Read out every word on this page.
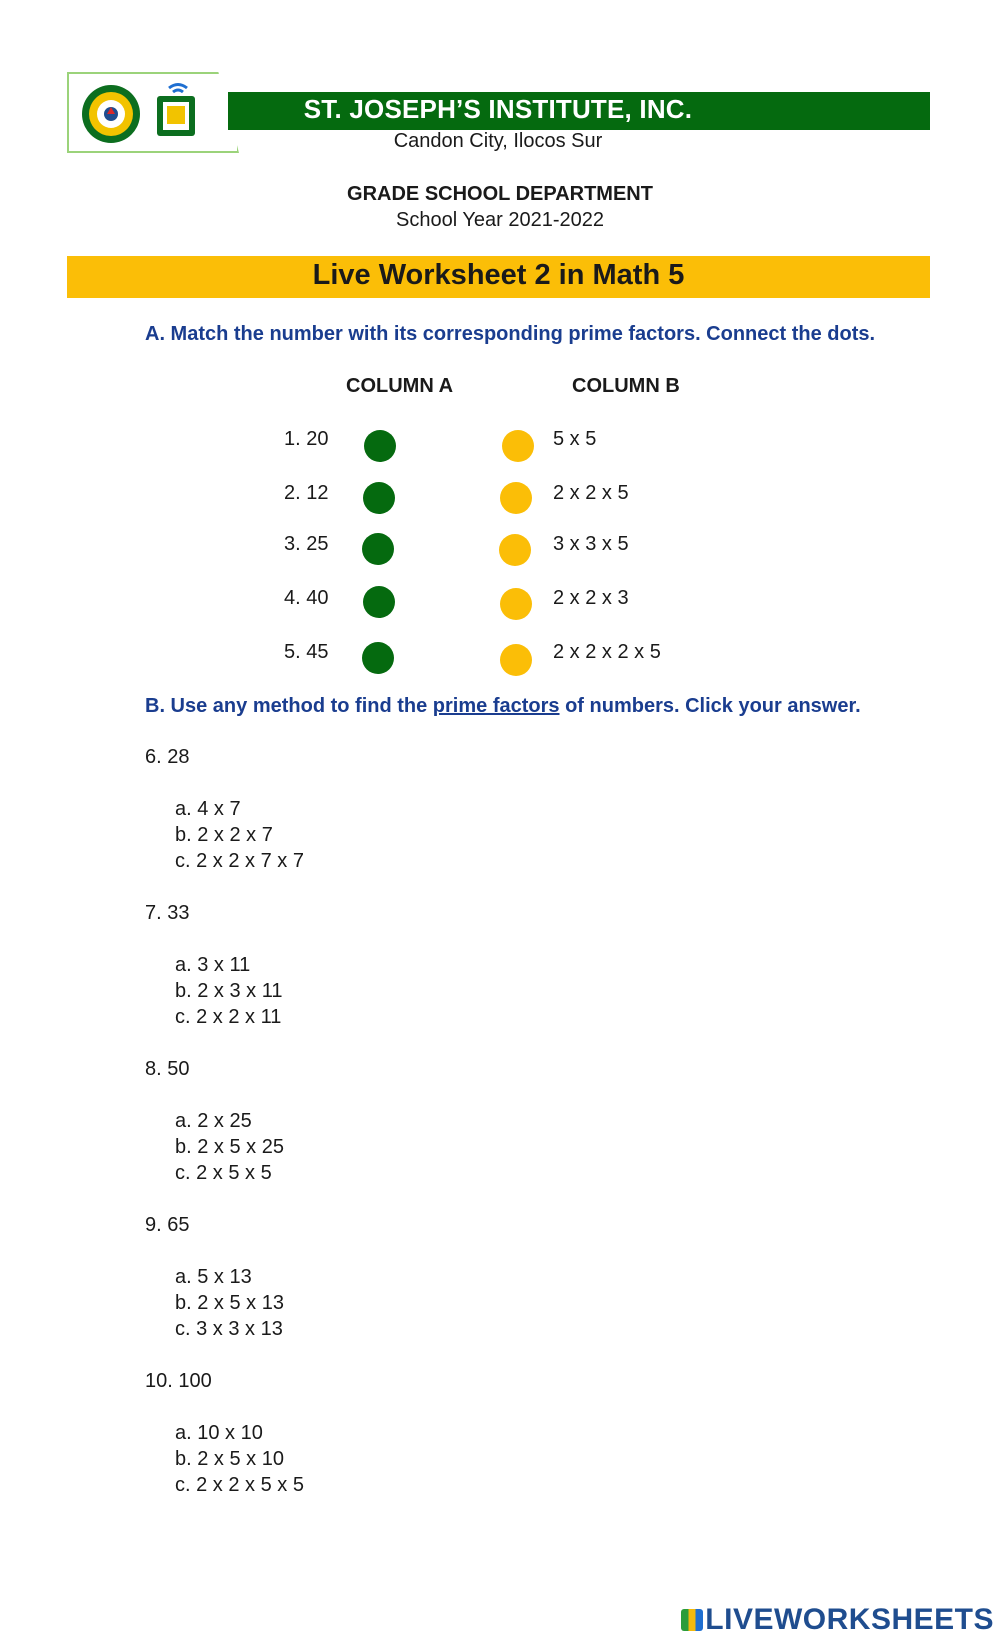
ST. JOSEPH’S INSTITUTE, INC.
Candon City, Ilocos Sur
GRADE SCHOOL DEPARTMENT
School Year 2021-2022
Live Worksheet 2 in Math 5
A. Match the number with its corresponding prime factors. Connect the dots.
COLUMN A	COLUMN B
1. 20
2. 12
3. 25
4. 40
5. 45
5 x 5
2 x 2 x 5
3 x 3 x 5
2 x 2 x 3
2 x 2 x 2 x 5
B. Use any method to find the prime factors of numbers. Click your answer.
6. 28
a. 4 x 7
b. 2 x 2 x 7
c. 2 x 2 x 7 x 7
7. 33
a. 3 x 11
b. 2 x 3 x 11
c. 2 x 2 x 11
8. 50
a. 2 x 25
b. 2 x 5 x 25
c. 2 x 5 x 5
9. 65
a. 5 x 13
b. 2 x 5 x 13
c. 3 x 3 x 13
10. 100
a. 10 x 10
b. 2 x 5 x 10
c. 2 x 2 x 5 x 5
LIVEWORKSHEETS
